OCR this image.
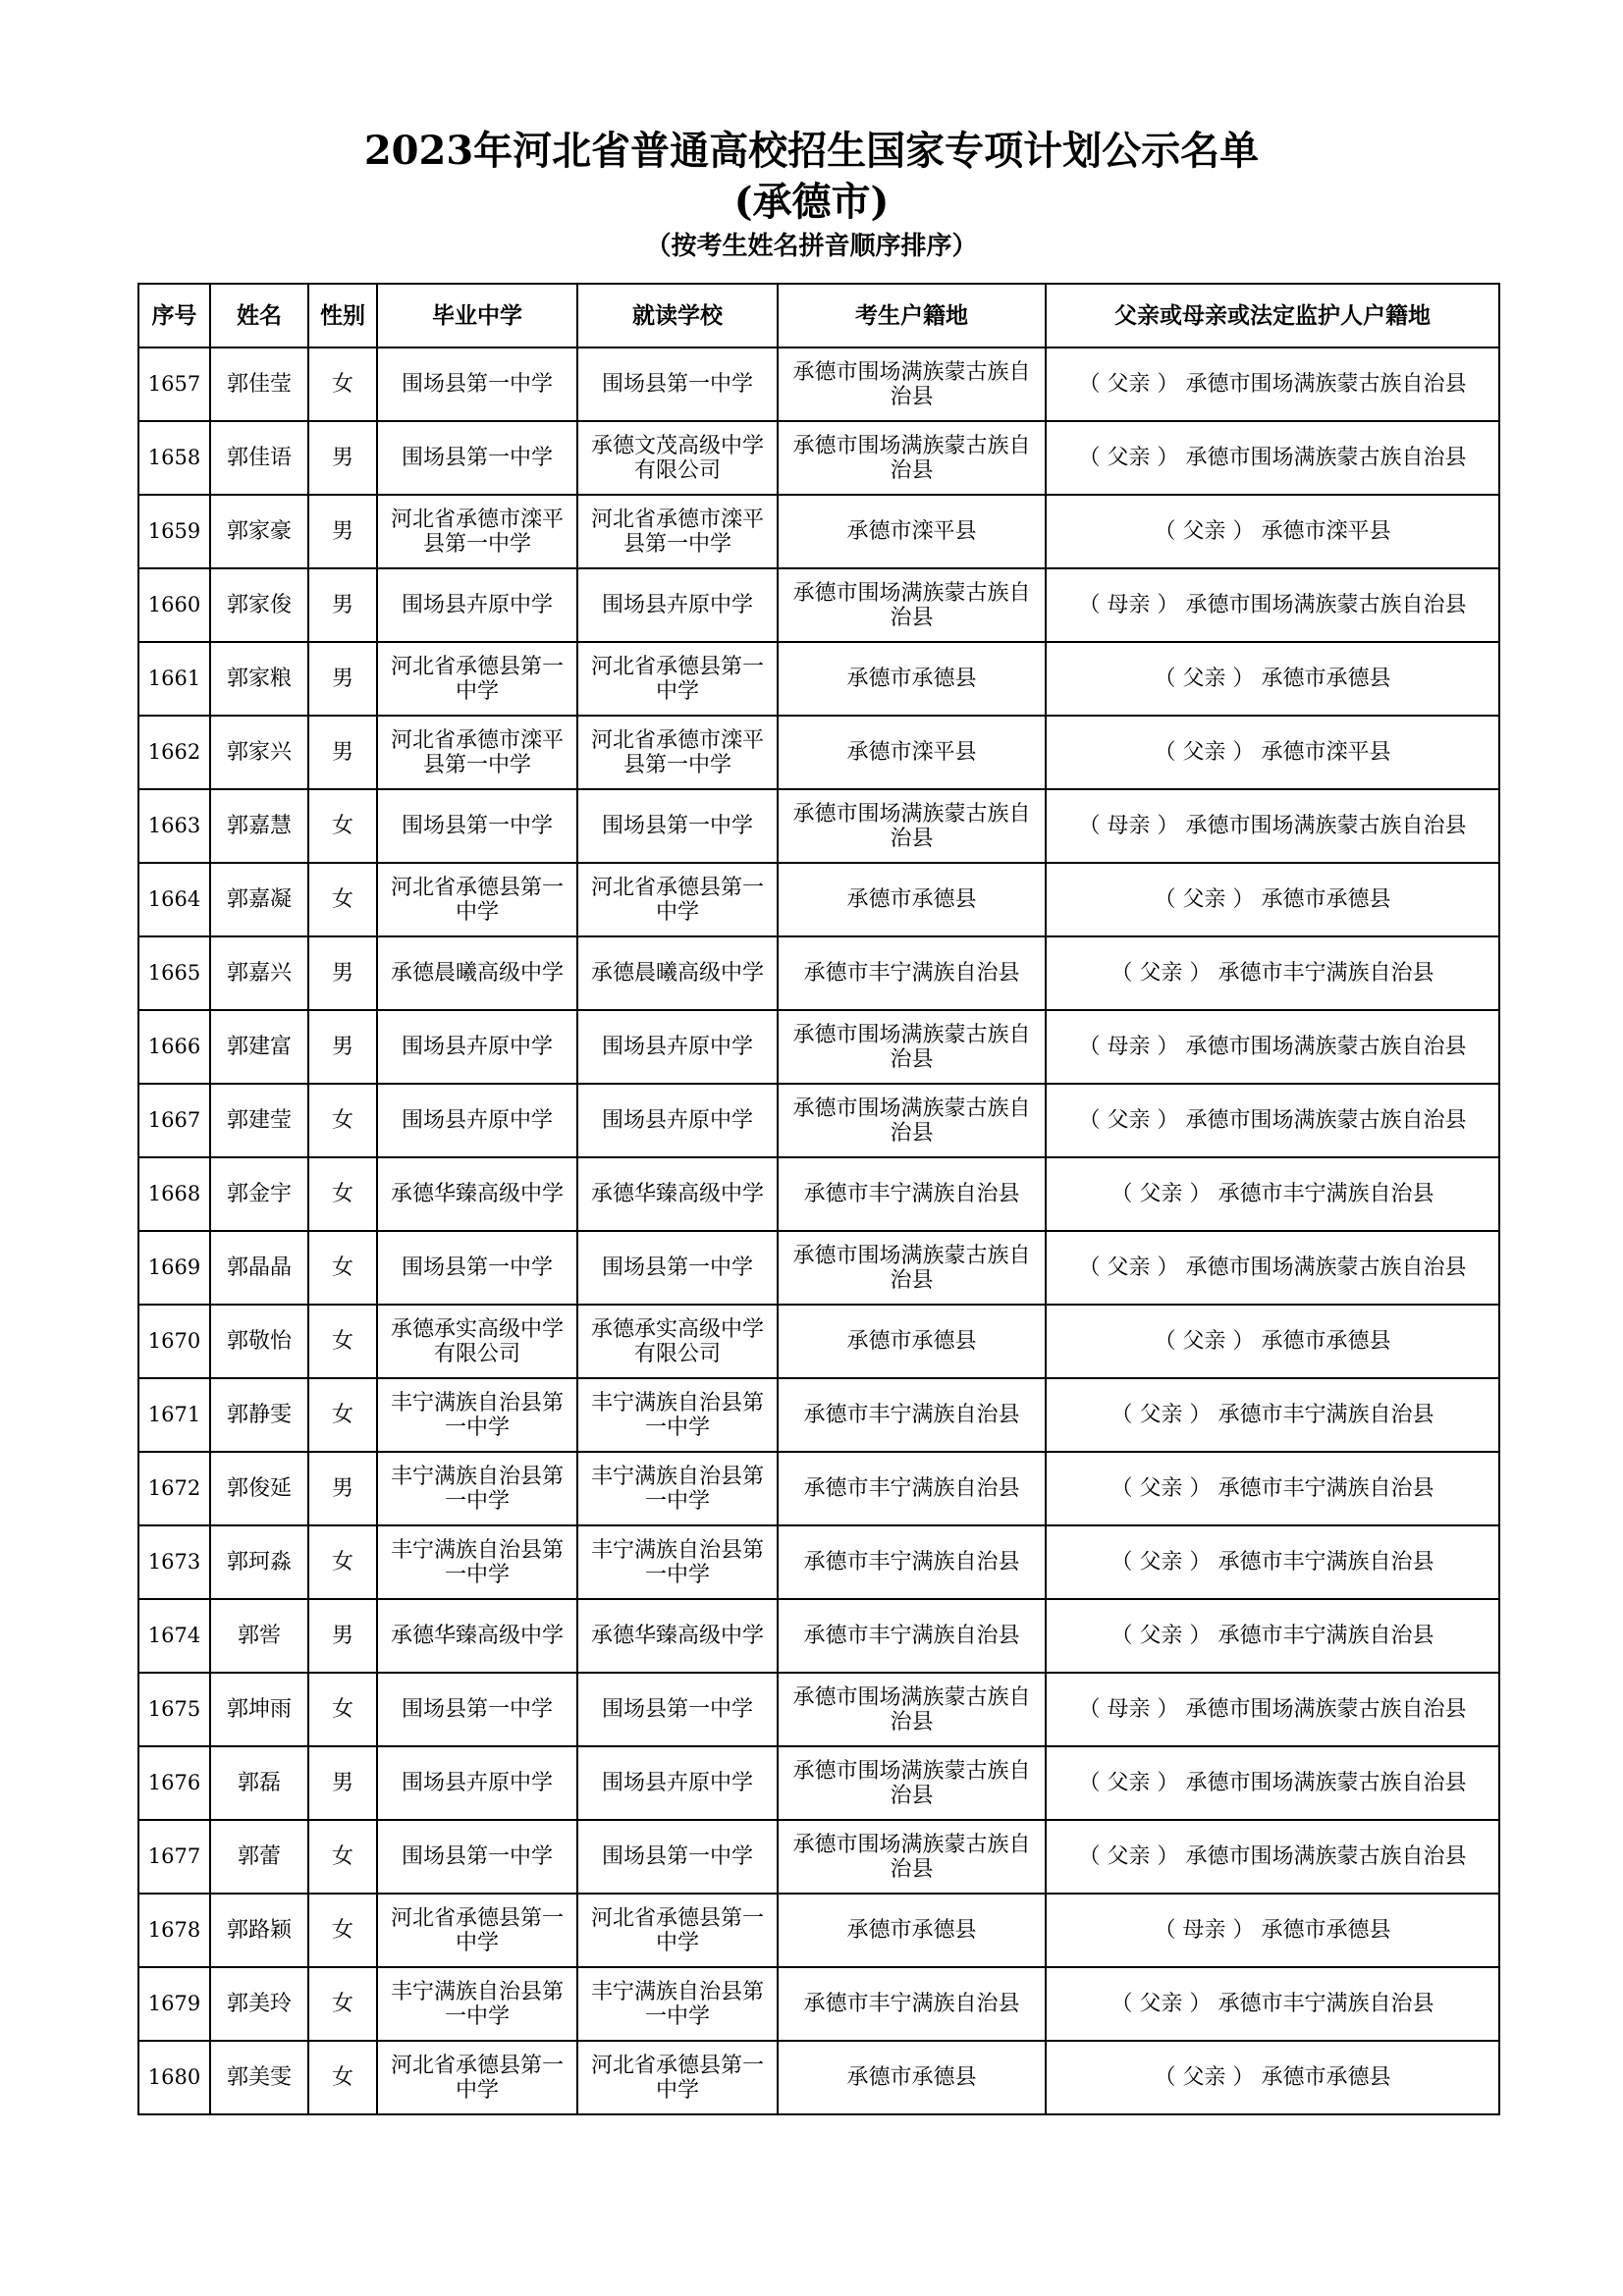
2023年河北省普通高校招生国家专项计划公示名单
(承德市)
（按考生姓名拼音顺序排序）
序号	姓名	性别	毕业中学	就读学校	考生户籍地	父亲或母亲或法定监护人户籍地
1657	郭佳莹	女	围场县第一中学	围场县第一中学	承德市围场满族蒙古族自治县	（ 父亲 ） 承德市围场满族蒙古族自治县
1658	郭佳语	男	围场县第一中学	承德文茂高级中学有限公司	承德市围场满族蒙古族自治县	（ 父亲 ） 承德市围场满族蒙古族自治县
1659	郭家豪	男	河北省承德市滦平县第一中学	河北省承德市滦平县第一中学	承德市滦平县	（ 父亲 ） 承德市滦平县
1660	郭家俊	男	围场县卉原中学	围场县卉原中学	承德市围场满族蒙古族自治县	（ 母亲 ） 承德市围场满族蒙古族自治县
1661	郭家粮	男	河北省承德县第一中学	河北省承德县第一中学	承德市承德县	（ 父亲 ） 承德市承德县
1662	郭家兴	男	河北省承德市滦平县第一中学	河北省承德市滦平县第一中学	承德市滦平县	（ 父亲 ） 承德市滦平县
1663	郭嘉慧	女	围场县第一中学	围场县第一中学	承德市围场满族蒙古族自治县	（ 母亲 ） 承德市围场满族蒙古族自治县
1664	郭嘉凝	女	河北省承德县第一中学	河北省承德县第一中学	承德市承德县	（ 父亲 ） 承德市承德县
1665	郭嘉兴	男	承德晨曦高级中学	承德晨曦高级中学	承德市丰宁满族自治县	（ 父亲 ） 承德市丰宁满族自治县
1666	郭建富	男	围场县卉原中学	围场县卉原中学	承德市围场满族蒙古族自治县	（ 母亲 ） 承德市围场满族蒙古族自治县
1667	郭建莹	女	围场县卉原中学	围场县卉原中学	承德市围场满族蒙古族自治县	（ 父亲 ） 承德市围场满族蒙古族自治县
1668	郭金宇	女	承德华臻高级中学	承德华臻高级中学	承德市丰宁满族自治县	（ 父亲 ） 承德市丰宁满族自治县
1669	郭晶晶	女	围场县第一中学	围场县第一中学	承德市围场满族蒙古族自治县	（ 父亲 ） 承德市围场满族蒙古族自治县
1670	郭敬怡	女	承德承实高级中学有限公司	承德承实高级中学有限公司	承德市承德县	（ 父亲 ） 承德市承德县
1671	郭静雯	女	丰宁满族自治县第一中学	丰宁满族自治县第一中学	承德市丰宁满族自治县	（ 父亲 ） 承德市丰宁满族自治县
1672	郭俊延	男	丰宁满族自治县第一中学	丰宁满族自治县第一中学	承德市丰宁满族自治县	（ 父亲 ） 承德市丰宁满族自治县
1673	郭珂淼	女	丰宁满族自治县第一中学	丰宁满族自治县第一中学	承德市丰宁满族自治县	（ 父亲 ） 承德市丰宁满族自治县
1674	郭喾	男	承德华臻高级中学	承德华臻高级中学	承德市丰宁满族自治县	（ 父亲 ） 承德市丰宁满族自治县
1675	郭坤雨	女	围场县第一中学	围场县第一中学	承德市围场满族蒙古族自治县	（ 母亲 ） 承德市围场满族蒙古族自治县
1676	郭磊	男	围场县卉原中学	围场县卉原中学	承德市围场满族蒙古族自治县	（ 父亲 ） 承德市围场满族蒙古族自治县
1677	郭蕾	女	围场县第一中学	围场县第一中学	承德市围场满族蒙古族自治县	（ 父亲 ） 承德市围场满族蒙古族自治县
1678	郭路颖	女	河北省承德县第一中学	河北省承德县第一中学	承德市承德县	（ 母亲 ） 承德市承德县
1679	郭美玲	女	丰宁满族自治县第一中学	丰宁满族自治县第一中学	承德市丰宁满族自治县	（ 父亲 ） 承德市丰宁满族自治县
1680	郭美雯	女	河北省承德县第一中学	河北省承德县第一中学	承德市承德县	（ 父亲 ） 承德市承德县
